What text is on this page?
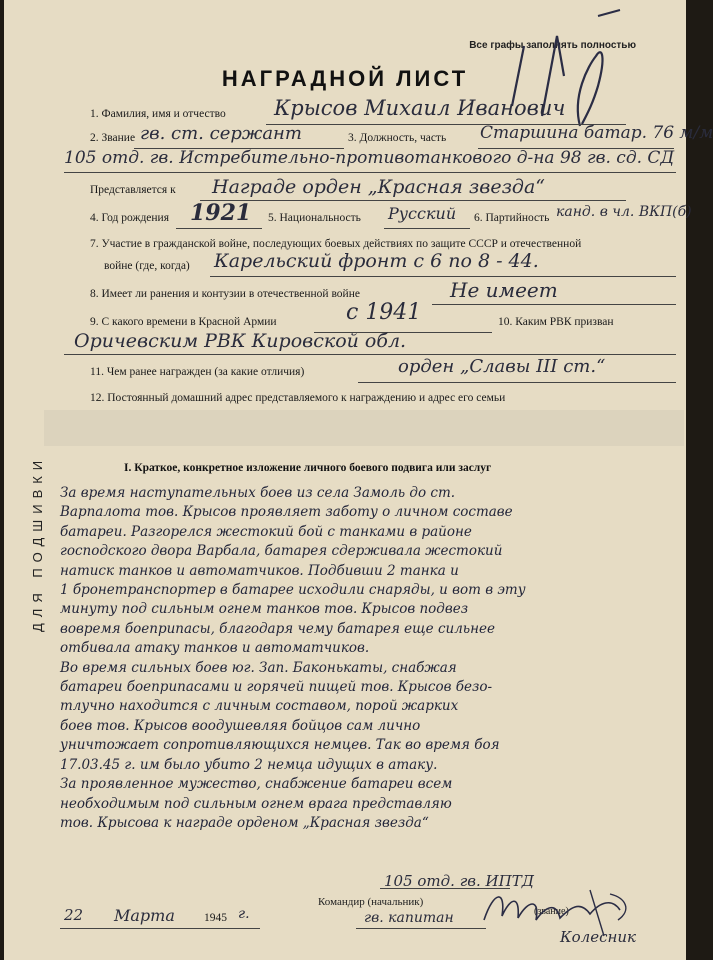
Все графы заполнять полностью
НАГРАДНОЙ ЛИСТ
ДЛЯ ПОДШИВКИ
1. Фамилия, имя и отчество Крысов Михаил Иванович
2. Звание гв. ст. сержант	3. Должность, часть Старшина батар. 76 м/м
105 отд. гв. Истребительно-противотанкового д-на 98 гв. сд. СД
Представляется к Награде орден „Красная звезда“
4. Год рождения 1921 5. Национальность Русский 6. Партийность канд. в чл. ВКП(б)
7. Участие в гражданской войне, последующих боевых действиях по защите СССР и отечественной
войне (где, когда) Карельский фронт с 6 по 8 - 44.
8. Имеет ли ранения и контузии в отечественной войне	Не имеет
9. С какого времени в Красной Армии	с 1941	10. Каким РВК призван
Оричевским РВК Кировской обл.
11. Чем ранее награжден (за какие отличия)	орден „Славы III ст.“
12. Постоянный домашний адрес представляемого к награждению и адрес его семьи
I. Краткое, конкретное изложение личного боевого подвига или заслуг
За время наступательных боев из села Замоль до ст.
Варпалота тов. Крысов проявляет заботу о личном составе
батареи. Разгорелся жестокий бой с танками в районе
господского двора Варбала, батарея сдерживала жестокий
натиск танков и автоматчиков. Подбивши 2 танка и
1 бронетранспортер в батарее исходили снаряды, и вот в эту
минуту под сильным огнем танков тов. Крысов подвез
вовремя боеприпасы, благодаря чему батарея еще сильнее
отбивала атаку танков и автоматчиков.
Во время сильных боев юг. Зап. Баконькаты, снабжая
батареи боеприпасами и горячей пищей тов. Крысов безо-
тлучно находится с личным составом, порой жарких
боев тов. Крысов воодушевляя бойцов сам лично
уничтожает сопротивляющихся немцев. Так во время боя
17.03.45 г. им было убито 2 немца идущих в атаку.
За проявленное мужество, снабжение батареи всем
необходимым под сильным огнем врага представляю
тов. Крысова к награде орденом „Красная звезда“
105 отд. гв. ИПТД
Командир (начальник)
22 Марта	1945 г.	гв. капитан	(звание)
Колесник
